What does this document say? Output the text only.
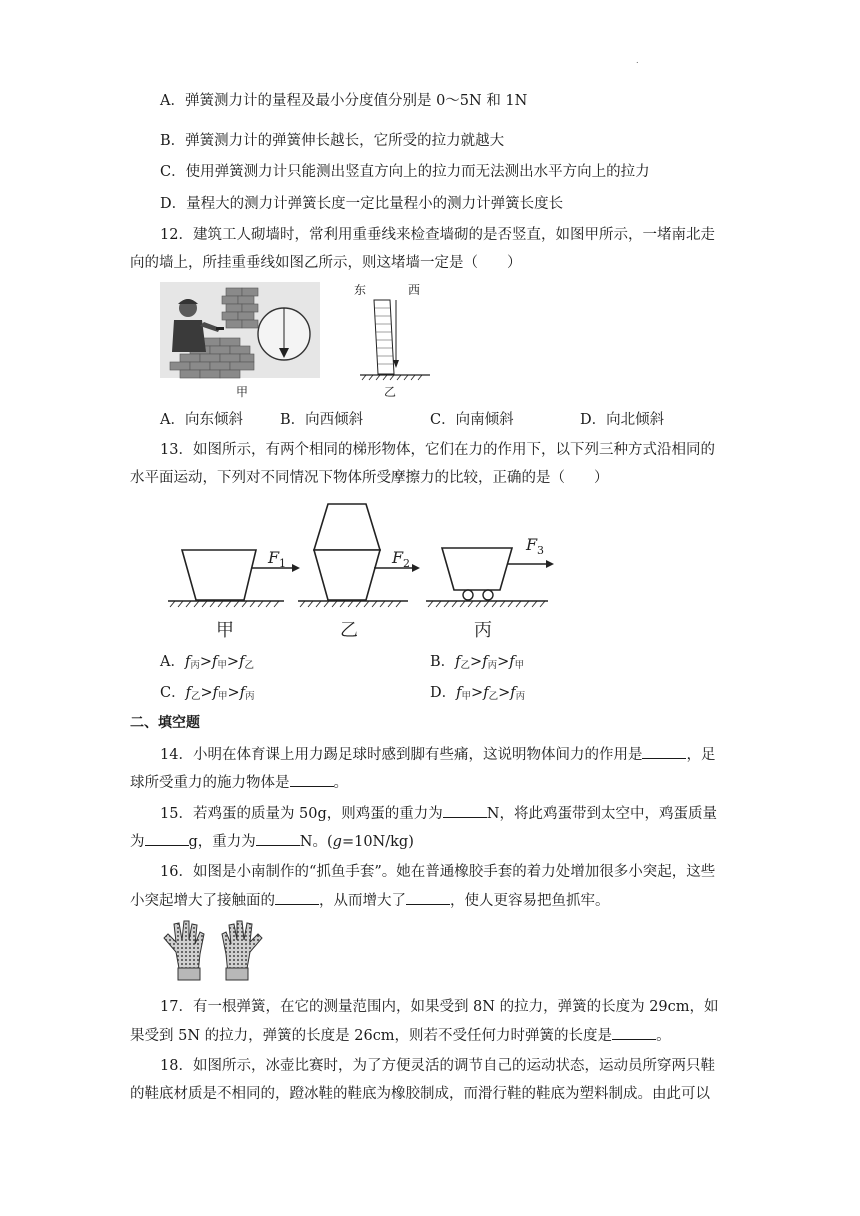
.
A．弹簧测力计的量程及最小分度值分别是 0～5N 和 1N
B．弹簧测力计的弹簧伸长越长，它所受的拉力就越大
C．使用弹簧测力计只能测出竖直方向上的拉力而无法测出水平方向上的拉力
D．量程大的测力计弹簧长度一定比量程小的测力计弹簧长度长
12．建筑工人砌墙时，常利用重垂线来检查墙砌的是否竖直，如图甲所示，一堵南北走
向的墙上，所挂重垂线如图乙所示，则这堵墙一定是（　　）
甲
东	西
乙
A．向东倾斜	B．向西倾斜	C．向南倾斜	D．向北倾斜
13．如图所示，有两个相同的梯形物体，它们在力的作用下，以下列三种方式沿相同的
水平面运动，下列对不同情况下物体所受摩擦力的比较，正确的是（　　）
F 1
甲
F 2
乙
F 3
丙
A．$f_丙>f_甲>f_乙$	B．$f_乙>f_丙>f_甲$
C．$f_乙>f_甲>f_丙$	D．$f_甲>f_乙>f_丙$
二、填空题
14．小明在体育课上用力踢足球时感到脚有些痛，这说明物体间力的作用是	，足
球所受重力的施力物体是	。
15．若鸡蛋的质量为 50g，则鸡蛋的重力为	N，将此鸡蛋带到太空中，鸡蛋质量
为	g，重力为	N。(g=10N/kg)
16．如图是小南制作的“抓鱼手套”。她在普通橡胶手套的着力处增加很多小突起，这些
小突起增大了接触面的	，从而增大了	，使人更容易把鱼抓牢。
17．有一根弹簧，在它的测量范围内，如果受到 8N 的拉力，弹簧的长度为 29cm，如
果受到 5N 的拉力，弹簧的长度是 26cm，则若不受任何力时弹簧的长度是	。
18．如图所示，冰壶比赛时，为了方便灵活的调节自己的运动状态，运动员所穿两只鞋
的鞋底材质是不相同的，蹬冰鞋的鞋底为橡胶制成，而滑行鞋的鞋底为塑料制成。由此可以
